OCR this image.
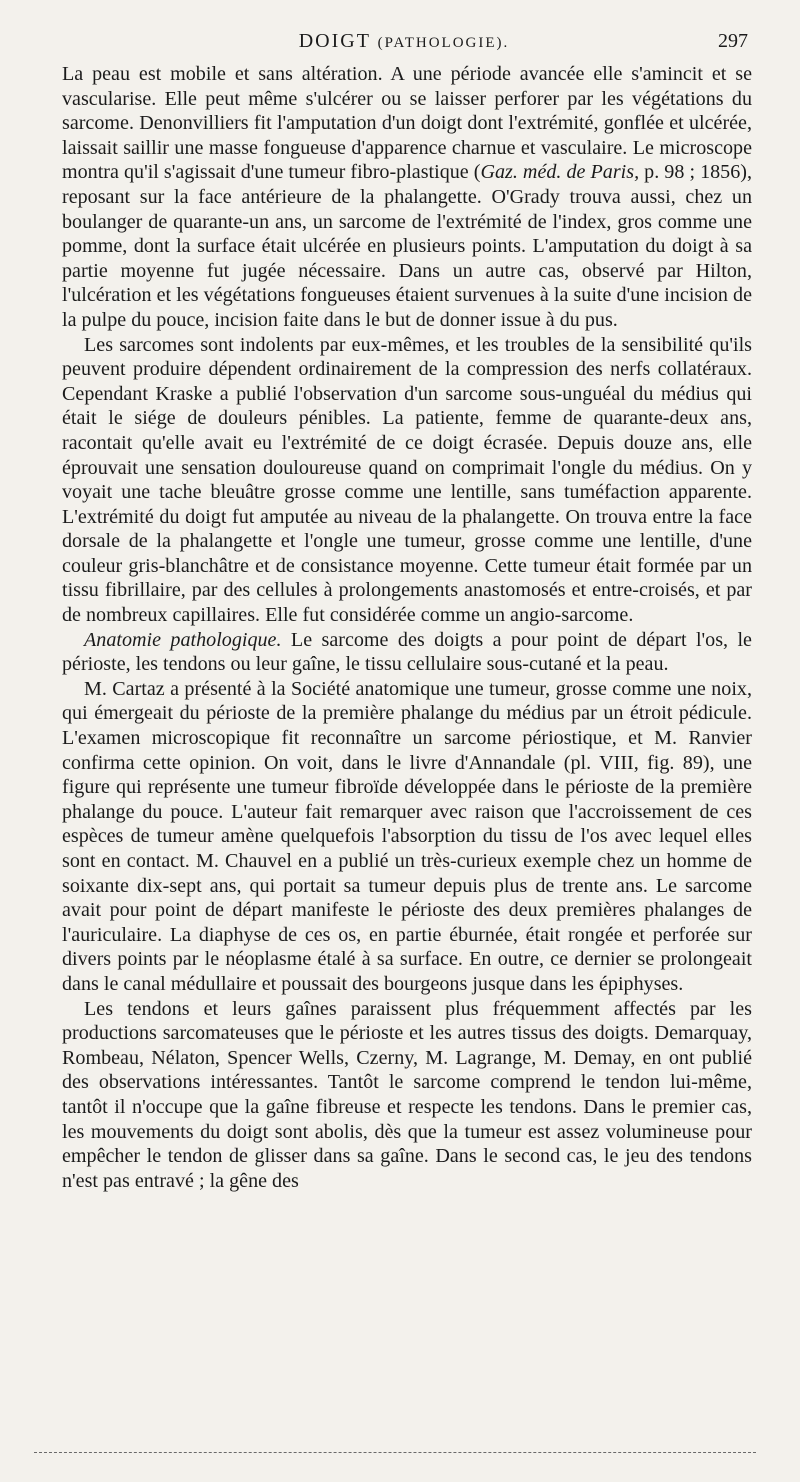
DOIGT (PATHOLOGIE).	297

La peau est mobile et sans altération. A une période avancée elle s'amincit et se vascularise. Elle peut même s'ulcérer ou se laisser perforer par les végétations du sarcome. Denonvilliers fit l'amputation d'un doigt dont l'extrémité, gonflée et ulcérée, laissait saillir une masse fongueuse d'apparence charnue et vasculaire. Le microscope montra qu'il s'agissait d'une tumeur fibro-plastique (Gaz. méd. de Paris, p. 98 ; 1856), reposant sur la face antérieure de la phalangette. O'Grady trouva aussi, chez un boulanger de quarante-un ans, un sarcome de l'extrémité de l'index, gros comme une pomme, dont la surface était ulcérée en plusieurs points. L'amputation du doigt à sa partie moyenne fut jugée nécessaire. Dans un autre cas, observé par Hilton, l'ulcération et les végétations fongueuses étaient survenues à la suite d'une incision de la pulpe du pouce, incision faite dans le but de donner issue à du pus.

Les sarcomes sont indolents par eux-mêmes, et les troubles de la sensibilité qu'ils peuvent produire dépendent ordinairement de la compression des nerfs collatéraux. Cependant Kraske a publié l'observation d'un sarcome sous-unguéal du médius qui était le siége de douleurs pénibles. La patiente, femme de quarante-deux ans, racontait qu'elle avait eu l'extrémité de ce doigt écrasée. Depuis douze ans, elle éprouvait une sensation douloureuse quand on comprimait l'ongle du médius. On y voyait une tache bleuâtre grosse comme une lentille, sans tuméfaction apparente. L'extrémité du doigt fut amputée au niveau de la phalangette. On trouva entre la face dorsale de la phalangette et l'ongle une tumeur, grosse comme une lentille, d'une couleur gris-blanchâtre et de consistance moyenne. Cette tumeur était formée par un tissu fibrillaire, par des cellules à prolongements anastomosés et entre-croisés, et par de nombreux capillaires. Elle fut considérée comme un angio-sarcome.

Anatomie pathologique. Le sarcome des doigts a pour point de départ l'os, le périoste, les tendons ou leur gaîne, le tissu cellulaire sous-cutané et la peau.

M. Cartaz a présenté à la Société anatomique une tumeur, grosse comme une noix, qui émergeait du périoste de la première phalange du médius par un étroit pédicule. L'examen microscopique fit reconnaître un sarcome périostique, et M. Ranvier confirma cette opinion. On voit, dans le livre d'Annandale (pl. VIII, fig. 89), une figure qui représente une tumeur fibroïde développée dans le périoste de la première phalange du pouce. L'auteur fait remarquer avec raison que l'accroissement de ces espèces de tumeur amène quelquefois l'absorption du tissu de l'os avec lequel elles sont en contact. M. Chauvel en a publié un très-curieux exemple chez un homme de soixante dix-sept ans, qui portait sa tumeur depuis plus de trente ans. Le sarcome avait pour point de départ manifeste le périoste des deux premières phalanges de l'auriculaire. La diaphyse de ces os, en partie éburnée, était rongée et perforée sur divers points par le néoplasme étalé à sa surface. En outre, ce dernier se prolongeait dans le canal médullaire et poussait des bourgeons jusque dans les épiphyses.

Les tendons et leurs gaînes paraissent plus fréquemment affectés par les productions sarcomateuses que le périoste et les autres tissus des doigts. Demarquay, Rombeau, Nélaton, Spencer Wells, Czerny, M. Lagrange, M. Demay, en ont publié des observations intéressantes. Tantôt le sarcome comprend le tendon lui-même, tantôt il n'occupe que la gaîne fibreuse et respecte les tendons. Dans le premier cas, les mouvements du doigt sont abolis, dès que la tumeur est assez volumineuse pour empêcher le tendon de glisser dans sa gaîne. Dans le second cas, le jeu des tendons n'est pas entravé ; la gêne des
